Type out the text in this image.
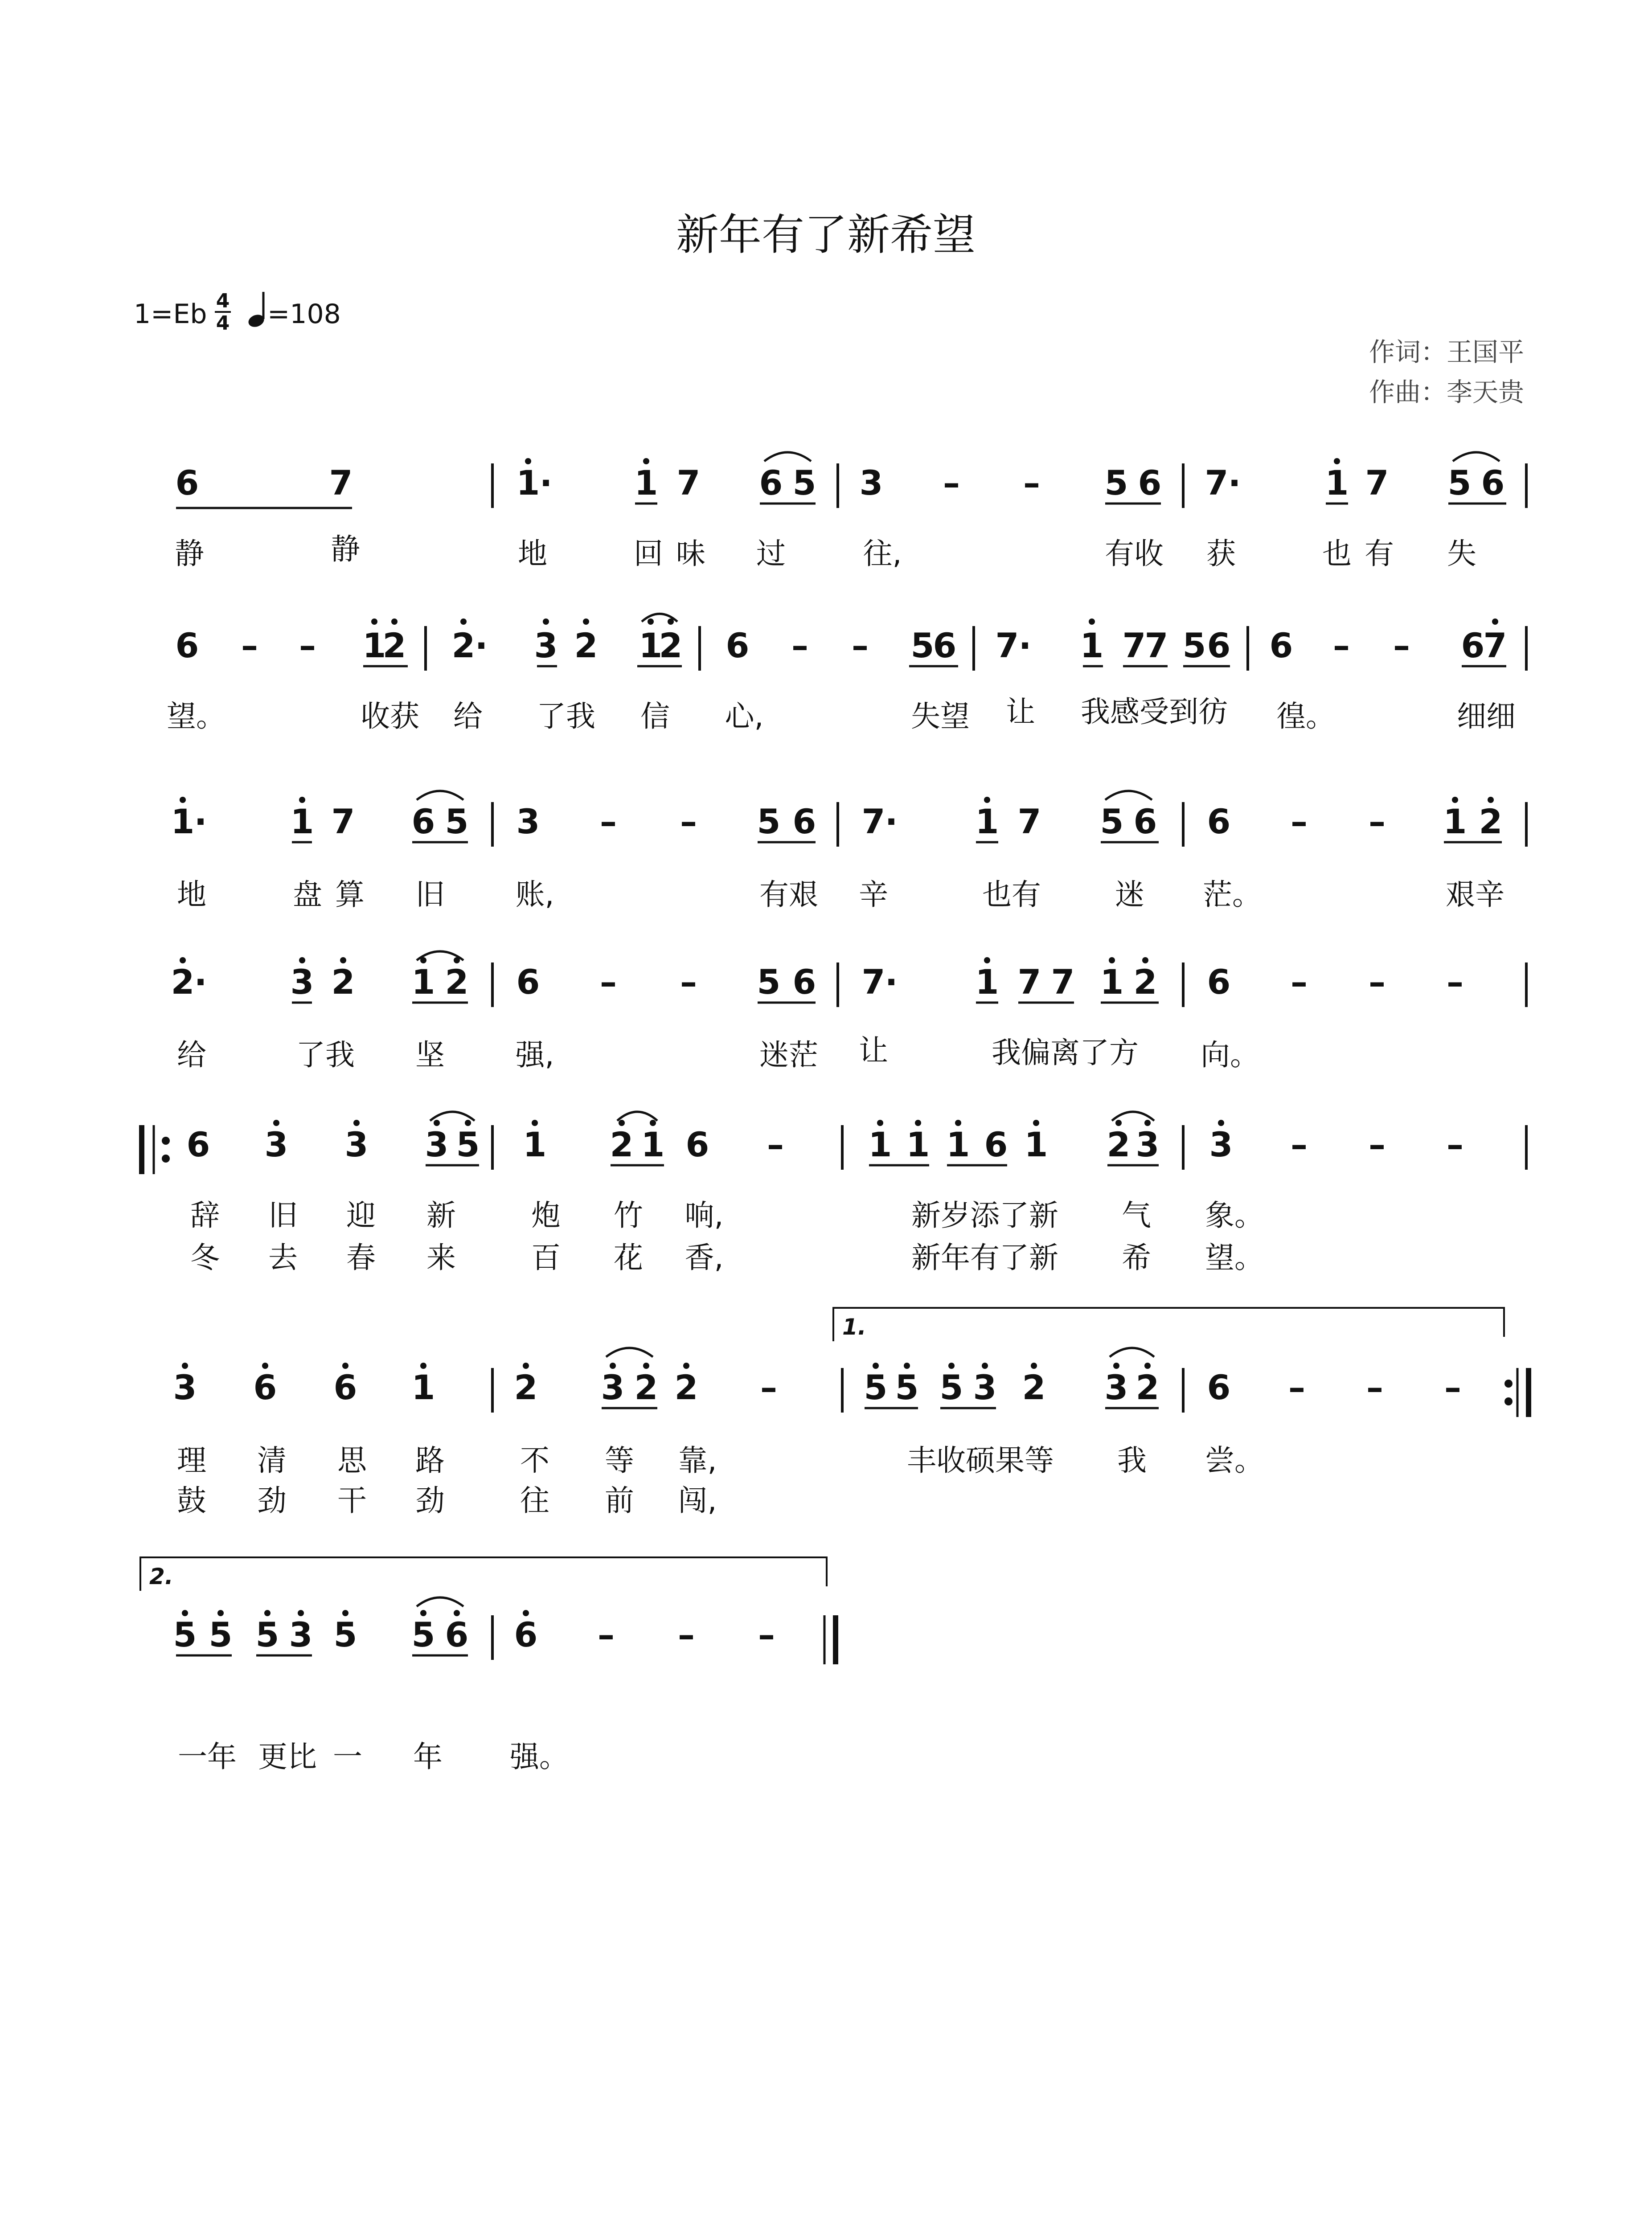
新年有了新希望
1=Eb 4
4 =108
作词：王国平
作曲：李天贵
6	7	1 · 1 7 6 5 3 – – 5 6 7 · 1 7 5 6
静	静	地	回 味 过	往,	有收 获	也 有 失
6 – – 1
2 2 · 3 2 1
2 6 – – 5
6 7 · 1 7
7 5 6 6 – – 6
7
望。	收获 给 了我 信 心,	失望 让 我感受到彷 徨。	细细
1 · 1 7 6 5 3 – – 5 6 7 · 1 7 5 6 6 – – 1 2
地	盘 算 旧 账,	有艰 辛	也有	迷 茫。	艰辛
2 · 3 2 1 2 6 – – 5 6 7 · 1 7 7 1 2 6 – – –
给	了我 坚 强,	迷茫 让	我偏离了方 向。
6 3 3 3 5 1 2 1 6 – 1 1 1 6 1 2 3 3 – – –
辞 旧 迎 新	炮 竹 响,	新岁添了新 气 象。
冬 去 春 来	百 花 香,	新年有了新 希 望。
1.
3 6 6 1 2 3 2 2 –	5 5 5 3 2 3 2 6 – – –
理 清 思 路	不 等 靠,	丰收硕果等 我 尝。
鼓 劲 干 劲	往 前 闯,
2.
5 5 5 3 5 5 6 6 – – –
一年 更比 一 年 强。
